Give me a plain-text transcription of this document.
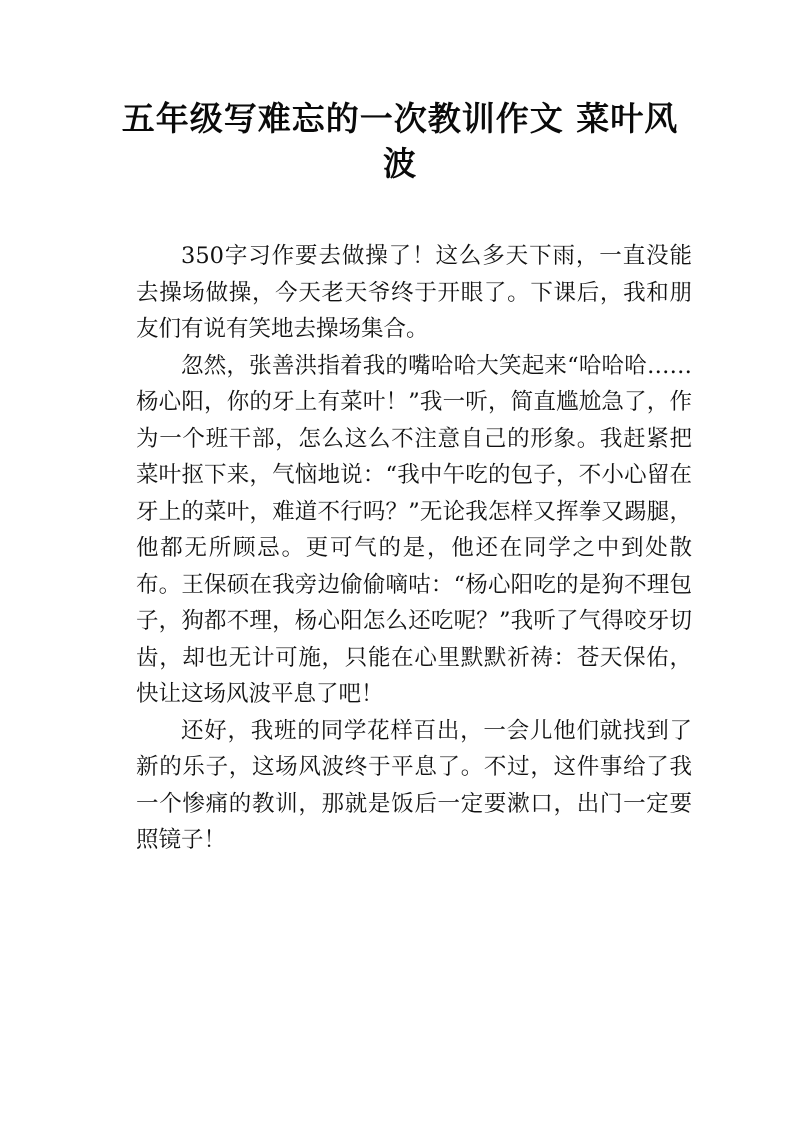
五年级写难忘的一次教训作文 菜叶风
波

350字习作要去做操了！这么多天下雨，一直没能去操场做操，今天老天爷终于开眼了。下课后，我和朋友们有说有笑地去操场集合。

忽然，张善洪指着我的嘴哈哈大笑起来“哈哈哈……杨心阳，你的牙上有菜叶！”我一听，简直尴尬急了，作为一个班干部，怎么这么不注意自己的形象。我赶紧把菜叶抠下来，气恼地说：“我中午吃的包子，不小心留在牙上的菜叶，难道不行吗？”无论我怎样又挥拳又踢腿，他都无所顾忌。更可气的是，他还在同学之中到处散布。王保硕在我旁边偷偷嘀咕：“杨心阳吃的是狗不理包子，狗都不理，杨心阳怎么还吃呢？”我听了气得咬牙切齿，却也无计可施，只能在心里默默祈祷：苍天保佑，快让这场风波平息了吧！

还好，我班的同学花样百出，一会儿他们就找到了新的乐子，这场风波终于平息了。不过，这件事给了我一个惨痛的教训，那就是饭后一定要漱口，出门一定要照镜子！
